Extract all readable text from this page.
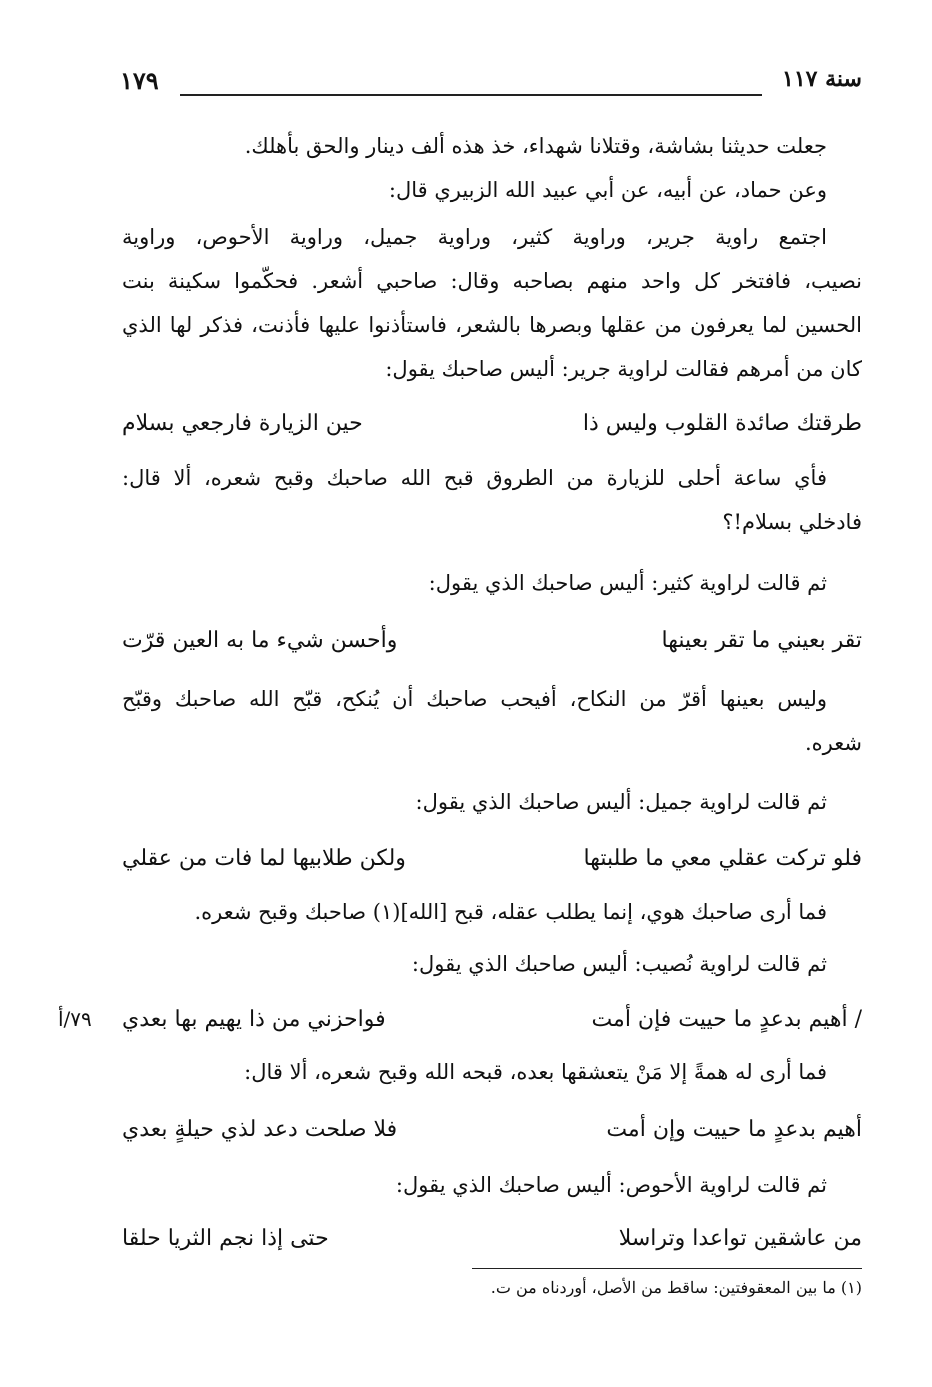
سنة ١١٧
١٧٩
جعلت حديثنا بشاشة، وقتلانا شهداء، خذ هذه ألف دينار والحق بأهلك.
وعن حماد، عن أبيه، عن أبي عبيد الله الزبيري قال:
اجتمع راوية جرير، وراوية كثير، وراوية جميل، وراوية الأحوص، وراوية
نصيب، فافتخر كل واحد منهم بصاحبه وقال: صاحبي أشعر. فحكّموا سكينة بنت
الحسين لما يعرفون من عقلها وبصرها بالشعر، فاستأذنوا عليها فأذنت، فذكر لها الذي
كان من أمرهم فقالت لراوية جرير: أليس صاحبك يقول:
طرقتك صائدة القلوب وليس ذا
حين الزيارة فارجعي بسلام
فأي ساعة أحلى للزيارة من الطروق قبح الله صاحبك وقبح شعره، ألا قال:
فادخلي بسلام!؟
ثم قالت لراوية كثير: أليس صاحبك الذي يقول:
تقر بعيني ما تقر بعينها
وأحسن شيء ما به العين قرّت
وليس بعينها أقرّ من النكاح، أفيحب صاحبك أن يُنكح، قبّح الله صاحبك وقبّح
شعره.
ثم قالت لراوية جميل: أليس صاحبك الذي يقول:
فلو تركت عقلي معي ما طلبتها
ولكن طلابيها لما فات من عقلي
فما أرى صاحبك هوي، إنما يطلب عقله، قبح [الله](١) صاحبك وقبح شعره.
ثم قالت لراوية نُصيب: أليس صاحبك الذي يقول:
/ أهيم بدعدٍ ما حييت فإن أمت
فواحزني من ذا يهيم بها بعدي
٧٩/أ
فما أرى له همةً إلا مَنْ يتعشقها بعده، قبحه الله وقبح شعره، ألا قال:
أهيم بدعدٍ ما حييت وإن أمت
فلا صلحت دعد لذي حيلةٍ بعدي
ثم قالت لراوية الأحوص: أليس صاحبك الذي يقول:
من عاشقين تواعدا وتراسلا
حتى إذا نجم الثريا حلقا
(١) ما بين المعقوفتين: ساقط من الأصل، أوردناه من ت.
